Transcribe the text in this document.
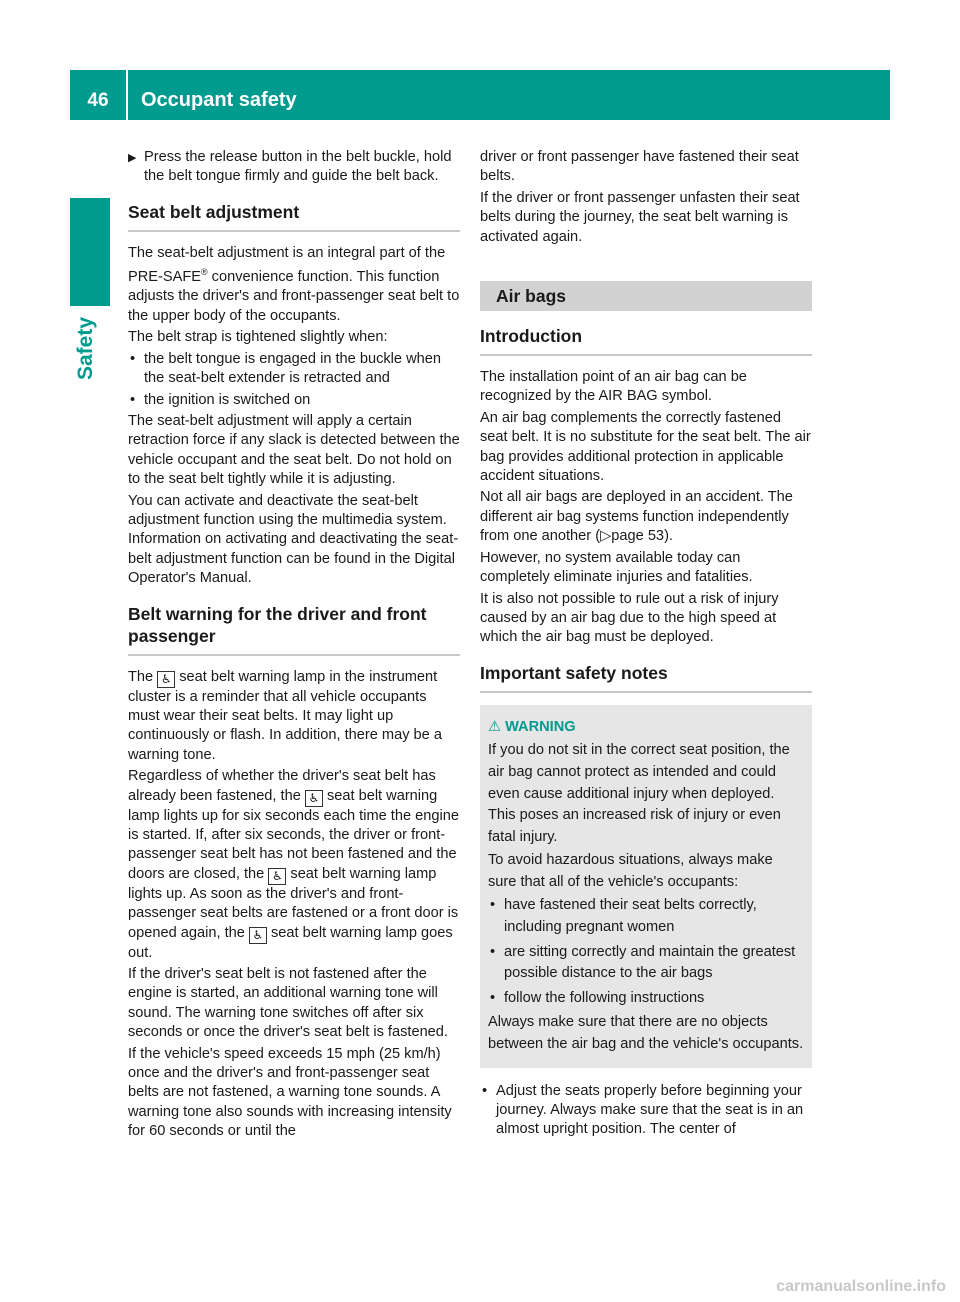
46	Occupant safety
Safety

▶ Press the release button in the belt buckle, hold the belt tongue firmly and guide the belt back.

Seat belt adjustment

The seat-belt adjustment is an integral part of the PRE-SAFE® convenience function. This function adjusts the driver's and front-passenger seat belt to the upper body of the occupants.

The belt strap is tightened slightly when:

• the belt tongue is engaged in the buckle when the seat-belt extender is retracted and
• the ignition is switched on

The seat-belt adjustment will apply a certain retraction force if any slack is detected between the vehicle occupant and the seat belt. Do not hold on to the seat belt tightly while it is adjusting.

You can activate and deactivate the seat-belt adjustment function using the multimedia system. Information on activating and deactivating the seat-belt adjustment function can be found in the Digital Operator's Manual.

Belt warning for the driver and front passenger

The ♿ seat belt warning lamp in the instrument cluster is a reminder that all vehicle occupants must wear their seat belts. It may light up continuously or flash. In addition, there may be a warning tone.

Regardless of whether the driver's seat belt has already been fastened, the ♿ seat belt warning lamp lights up for six seconds each time the engine is started. If, after six seconds, the driver or front-passenger seat belt has not been fastened and the doors are closed, the ♿ seat belt warning lamp lights up. As soon as the driver's and front-passenger seat belts are fastened or a front door is opened again, the ♿ seat belt warning lamp goes out.

If the driver's seat belt is not fastened after the engine is started, an additional warning tone will sound. The warning tone switches off after six seconds or once the driver's seat belt is fastened.

If the vehicle's speed exceeds 15 mph (25 km/h) once and the driver's and front-passenger seat belts are not fastened, a warning tone sounds. A warning tone also sounds with increasing intensity for 60 seconds or until the

driver or front passenger have fastened their seat belts.

If the driver or front passenger unfasten their seat belts during the journey, the seat belt warning is activated again.

Air bags
Introduction

The installation point of an air bag can be recognized by the AIR BAG symbol.

An air bag complements the correctly fastened seat belt. It is no substitute for the seat belt. The air bag provides additional protection in applicable accident situations.

Not all air bags are deployed in an accident. The different air bag systems function independently from one another (▷page 53).

However, no system available today can completely eliminate injuries and fatalities.

It is also not possible to rule out a risk of injury caused by an air bag due to the high speed at which the air bag must be deployed.

Important safety notes
⚠ WARNING

If you do not sit in the correct seat position, the air bag cannot protect as intended and could even cause additional injury when deployed. This poses an increased risk of injury or even fatal injury.

To avoid hazardous situations, always make sure that all of the vehicle's occupants:

• have fastened their seat belts correctly, including pregnant women
• are sitting correctly and maintain the greatest possible distance to the air bags
• follow the following instructions

Always make sure that there are no objects between the air bag and the vehicle's occupants.

• Adjust the seats properly before beginning your journey. Always make sure that the seat is in an almost upright position. The center of
carmanualsonline.info
